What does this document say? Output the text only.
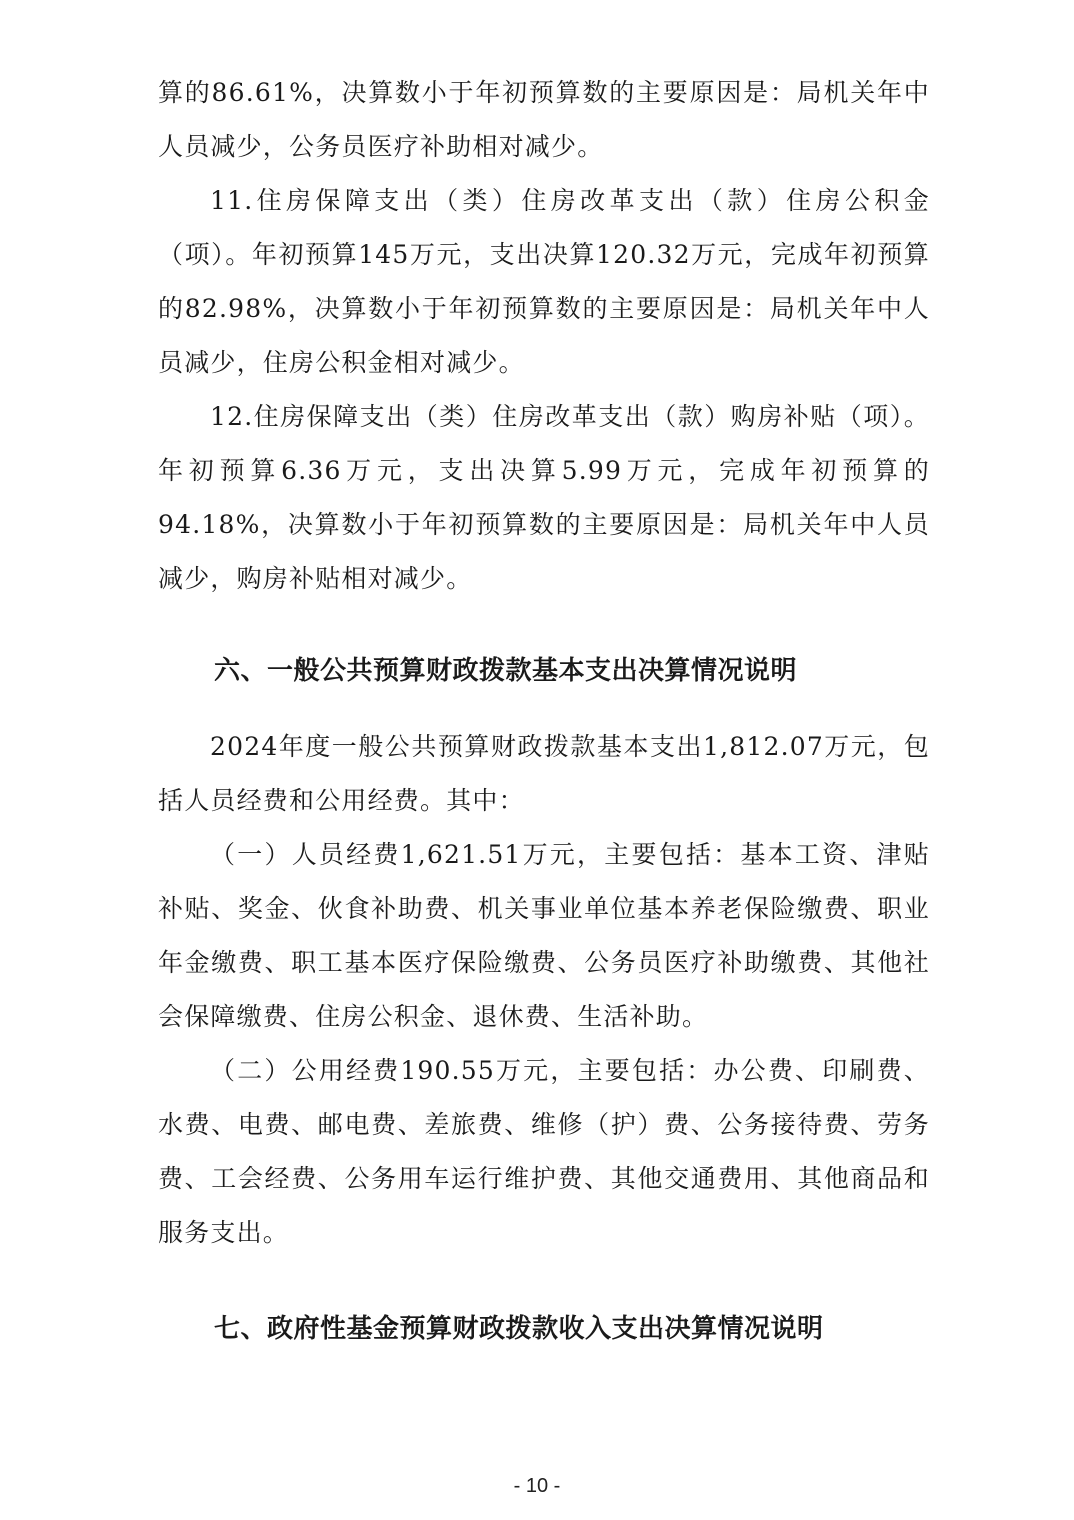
算的86.61%，决算数小于年初预算数的主要原因是：局机关年中人员减少，公务员医疗补助相对减少。

11.住房保障支出（类）住房改革支出（款）住房公积金（项）。年初预算145万元，支出决算120.32万元，完成年初预算的82.98%，决算数小于年初预算数的主要原因是：局机关年中人员减少，住房公积金相对减少。

12.住房保障支出（类）住房改革支出（款）购房补贴（项）。年初预算6.36万元，支出决算5.99万元，完成年初预算的94.18%，决算数小于年初预算数的主要原因是：局机关年中人员减少，购房补贴相对减少。

六、一般公共预算财政拨款基本支出决算情况说明

2024年度一般公共预算财政拨款基本支出1,812.07万元，包括人员经费和公用经费。其中：

（一）人员经费1,621.51万元，主要包括：基本工资、津贴补贴、奖金、伙食补助费、机关事业单位基本养老保险缴费、职业年金缴费、职工基本医疗保险缴费、公务员医疗补助缴费、其他社会保障缴费、住房公积金、退休费、生活补助。

（二）公用经费190.55万元，主要包括：办公费、印刷费、水费、电费、邮电费、差旅费、维修（护）费、公务接待费、劳务费、工会经费、公务用车运行维护费、其他交通费用、其他商品和服务支出。

七、政府性基金预算财政拨款收入支出决算情况说明
- 10 -
